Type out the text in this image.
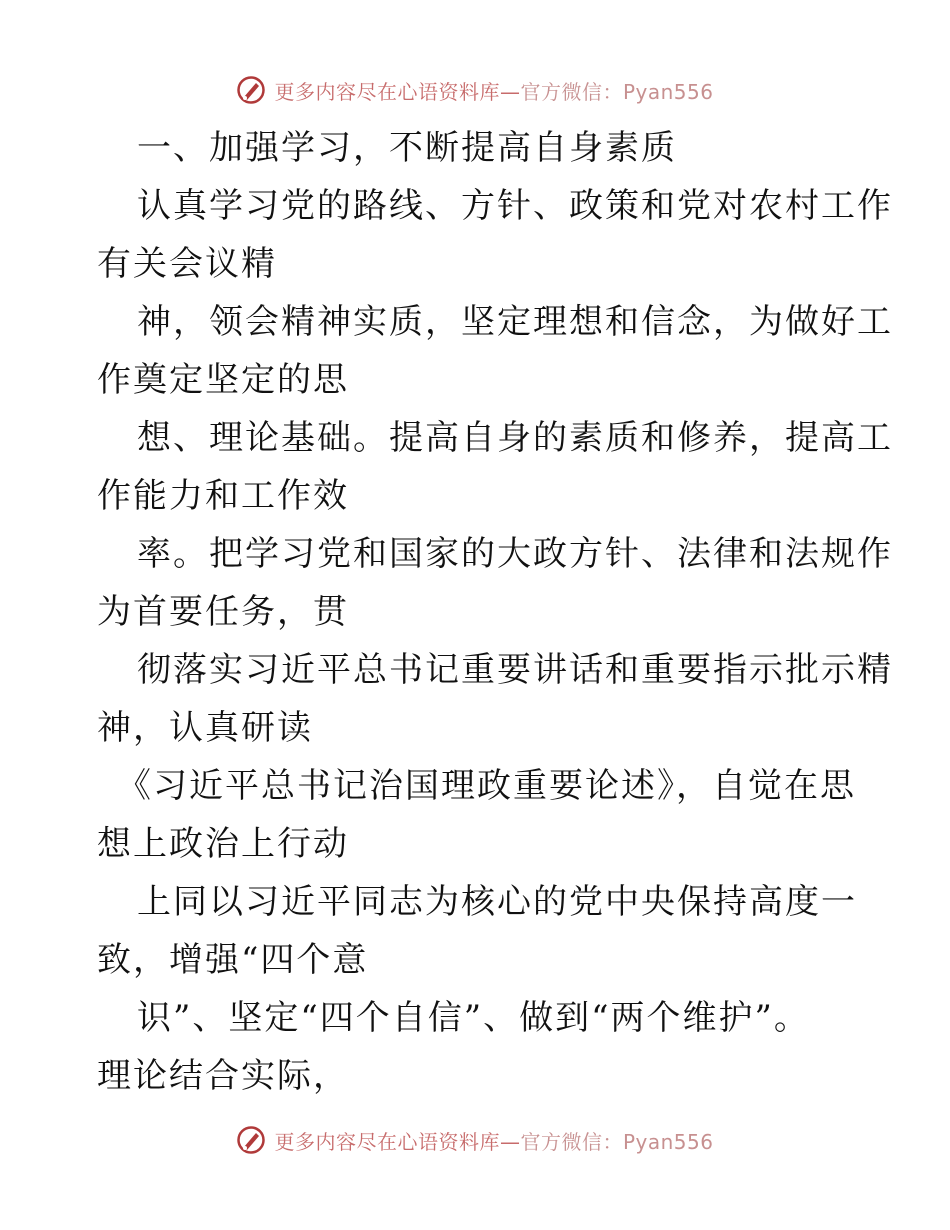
更多内容尽在心语资料库—官方微信：Pyan556
一、加强学习，不断提高自身素质
认真学习党的路线、方针、政策和党对农村工作
有关会议精
神，领会精神实质，坚定理想和信念，为做好工
作奠定坚定的思
想、理论基础。提高自身的素质和修养，提高工
作能力和工作效
率。把学习党和国家的大政方针、法律和法规作
为首要任务，贯
彻落实习近平总书记重要讲话和重要指示批示精
神，认真研读
《习近平总书记治国理政重要论述》，自觉在思
想上政治上行动
上同以习近平同志为核心的党中央保持高度一
致，增强“四个意
识”、坚定“四个自信”、做到“两个维护”。
理论结合实际，
更多内容尽在心语资料库—官方微信：Pyan556
